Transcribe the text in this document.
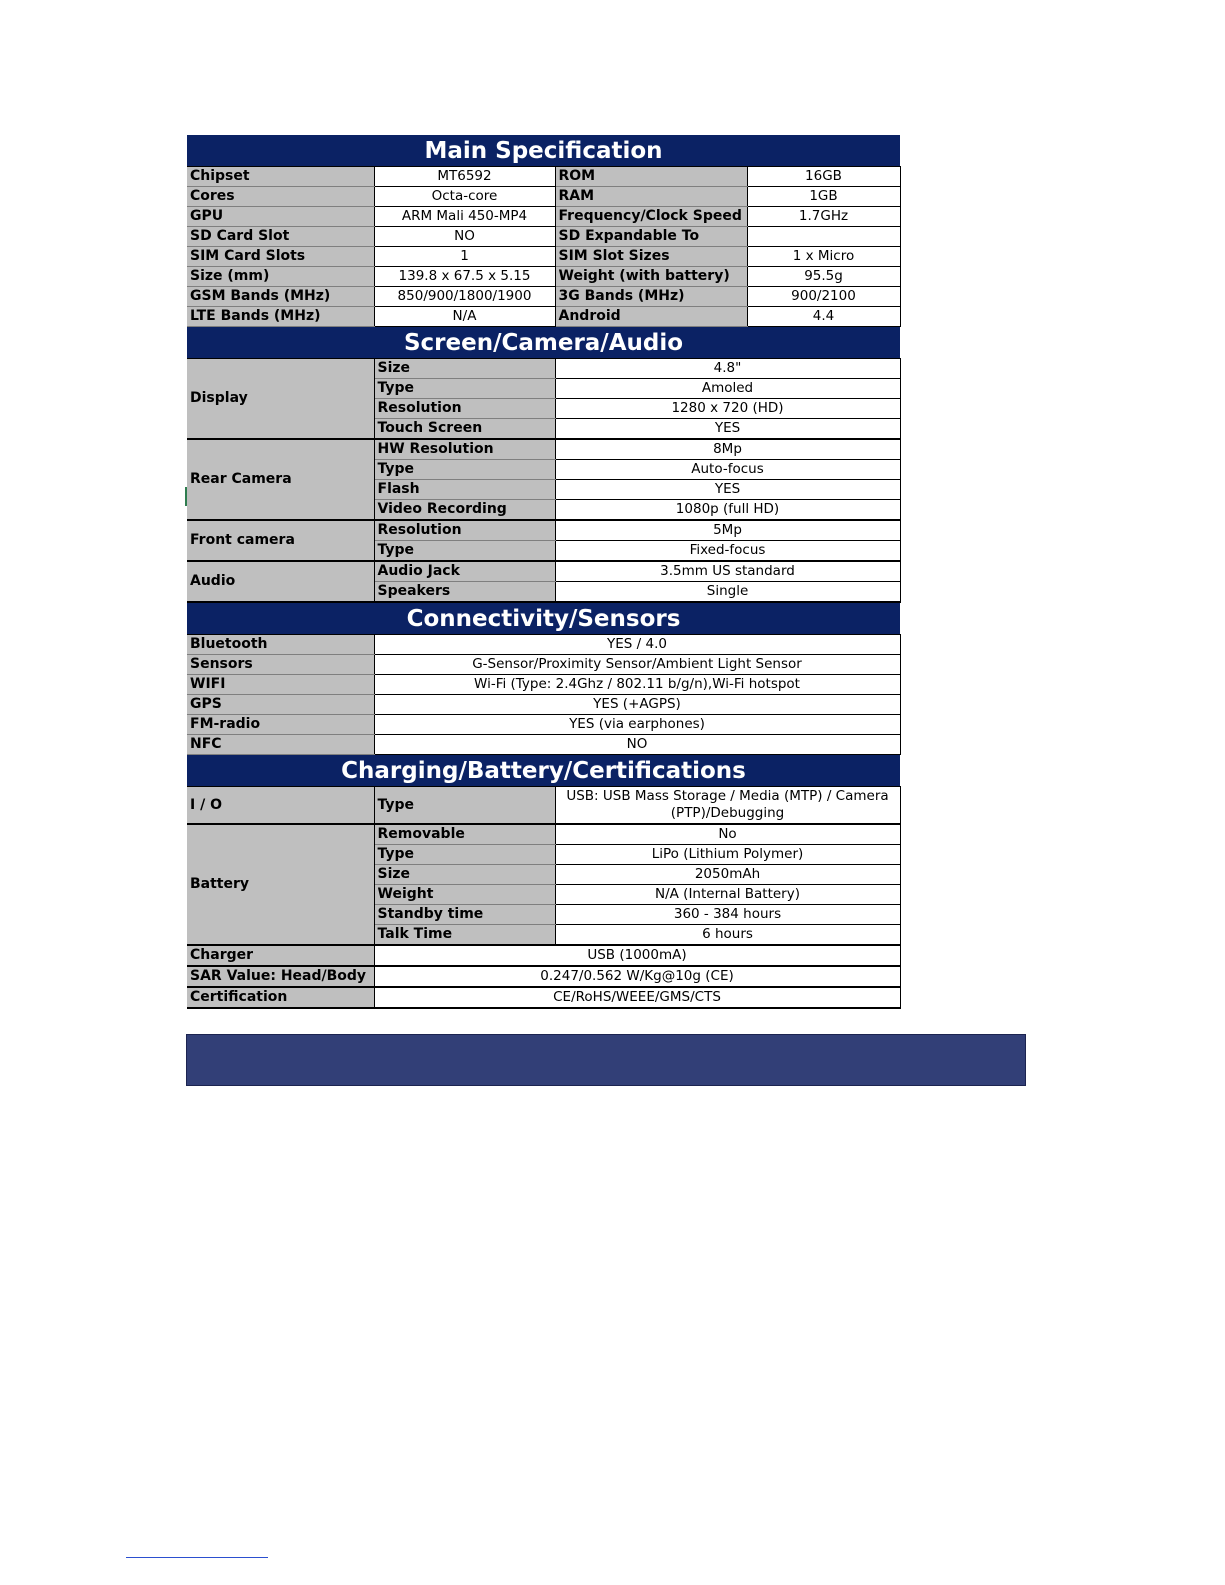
Main Specification			
Chipset	MT6592	ROM	16GB
Cores	Octa-core	RAM	1GB
GPU	ARM Mali 450-MP4	Frequency/Clock Speed	1.7GHz
SD Card Slot	NO	SD Expandable To	
SIM Card Slots	1	SIM Slot Sizes	1 x Micro
Size (mm)	139.8 x 67.5 x 5.15	Weight (with battery)	95.5g
GSM Bands (MHz)	850/900/1800/1900	3G Bands (MHz)	900/2100
LTE Bands (MHz)	N/A	Android	4.4
Screen/Camera/Audio			
Display	Size	4.8"	
	Type	Amoled	
	Resolution	1280 x 720 (HD)	
	Touch Screen	YES	
Rear Camera	HW Resolution	8Mp	
	Type	Auto-focus	
	Flash	YES	
	Video Recording	1080p (full HD)	
Front camera	Resolution	5Mp	
	Type	Fixed-focus	
Audio	Audio Jack	3.5mm US standard	
	Speakers	Single	
Connectivity/Sensors			
Bluetooth	YES / 4.0		
Sensors	G-Sensor/Proximity Sensor/Ambient Light Sensor		
WIFI	Wi-Fi (Type: 2.4Ghz / 802.11 b/g/n),Wi-Fi hotspot		
GPS	YES (+AGPS)		
FM-radio	YES (via earphones)		
NFC	NO		
Charging/Battery/Certifications			
I / O	Type	USB: USB Mass Storage / Media (MTP) / Camera (PTP)/Debugging	
Battery	Removable	No	
	Type	LiPo (Lithium Polymer)	
	Size	2050mAh	
	Weight	N/A (Internal Battery)	
	Standby time	360 - 384 hours	
	Talk Time	6 hours	
Charger	USB (1000mA)		
SAR Value: Head/Body	0.247/0.562 W/Kg@10g (CE)		
Certification	CE/RoHS/WEEE/GMS/CTS		
